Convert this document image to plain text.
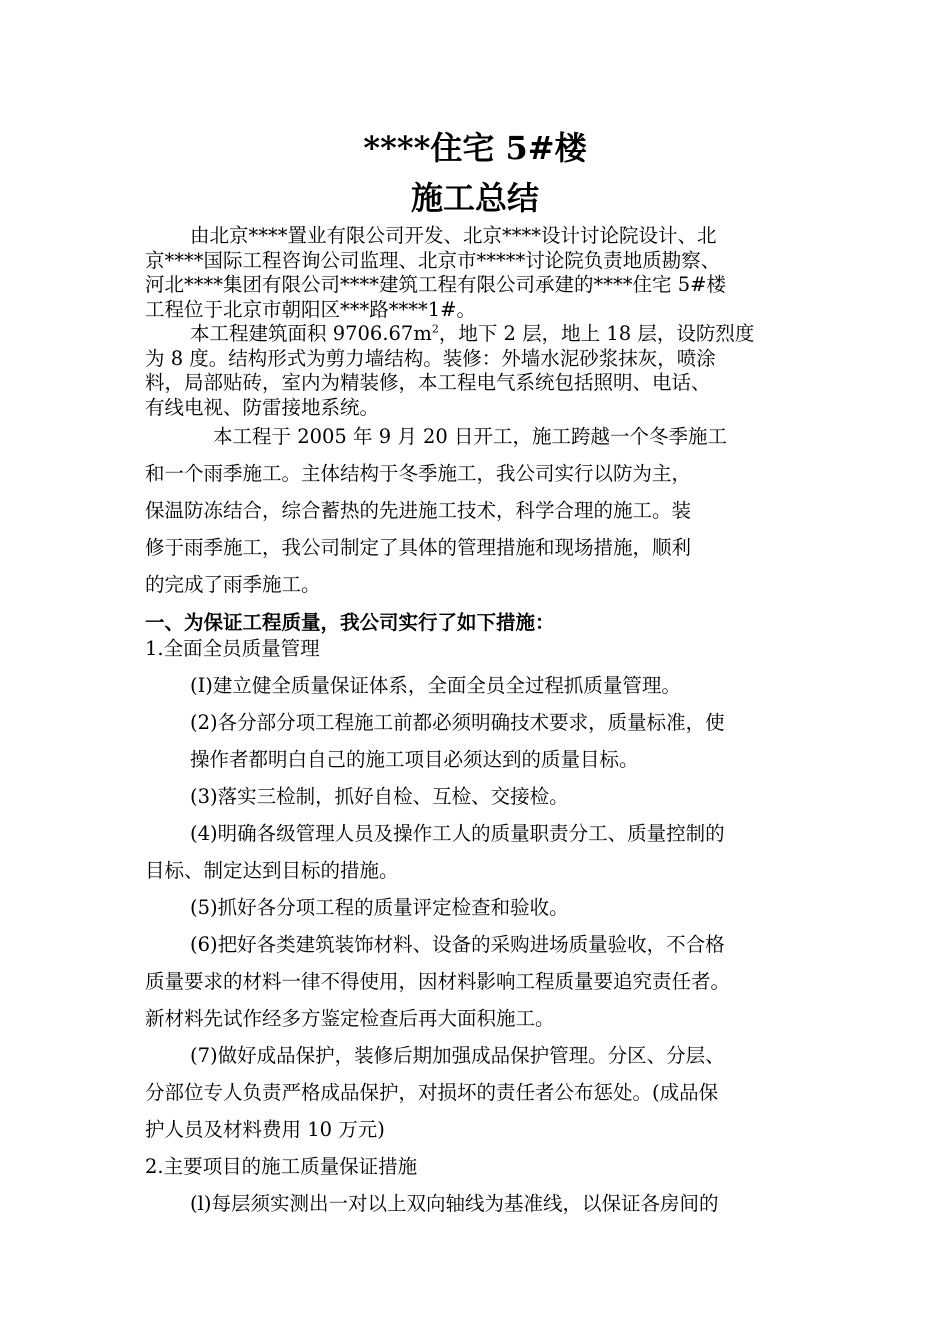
****住宅 5#楼
施工总结
由北京****置业有限公司开发、北京****设计讨论院设计、北
京****国际工程咨询公司监理、北京市*****讨论院负责地质勘察、
河北****集团有限公司****建筑工程有限公司承建的****住宅 5#楼
工程位于北京市朝阳区***路****1#。
本工程建筑面积 $9706.67m^2$，地下 2 层，地上 18 层，设防烈度
为 8 度。结构形式为剪力墙结构。装修：外墙水泥砂浆抹灰，喷涂
料，局部贴砖，室内为精装修，本工程电气系统包括照明、电话、
有线电视、防雷接地系统。
本工程于 2005 年 9 月 20 日开工，施工跨越一个冬季施工
和一个雨季施工。主体结构于冬季施工，我公司实行以防为主，
保温防冻结合，综合蓄热的先进施工技术，科学合理的施工。装
修于雨季施工，我公司制定了具体的管理措施和现场措施，顺利
的完成了雨季施工。
一、为保证工程质量，我公司实行了如下措施：
1.全面全员质量管理
(I)建立健全质量保证体系，全面全员全过程抓质量管理。
(2)各分部分项工程施工前都必须明确技术要求，质量标准，使
操作者都明白自己的施工项目必须达到的质量目标。
(3)落实三检制，抓好自检、互检、交接检。
(4)明确各级管理人员及操作工人的质量职责分工、质量控制的
目标、制定达到目标的措施。
(5)抓好各分项工程的质量评定检查和验收。
(6)把好各类建筑装饰材料、设备的采购进场质量验收，不合格
质量要求的材料一律不得使用，因材料影响工程质量要追究责任者。
新材料先试作经多方鉴定检查后再大面积施工。
(7)做好成品保护，装修后期加强成品保护管理。分区、分层、
分部位专人负责严格成品保护，对损坏的责任者公布惩处。(成品保
护人员及材料费用 10 万元)
2.主要项目的施工质量保证措施
(l)每层须实测出一对以上双向轴线为基准线，以保证各房间的
